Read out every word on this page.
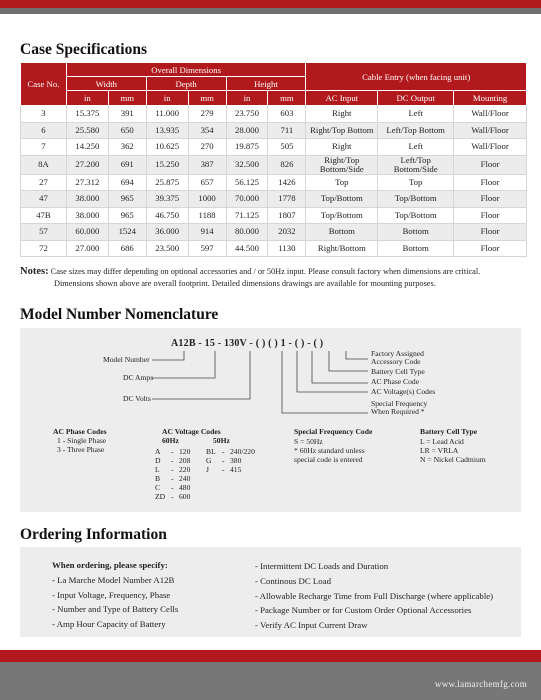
Case Specifications
Case No.	Overall Dimensions						Cable Entry (when facing unit)		
	Width		Depth		Height				
	in	mm	in	mm	in	mm	AC Input	DC Output	Mounting
3	15.375	391	11.000	279	23.750	603	Right	Left	Wall/Floor
6	25.580	650	13.935	354	28.000	711	Right/Top Bottom	Left/Top Bottom	Wall/Floor
7	14.250	362	10.625	270	19.875	505	Right	Left	Wall/Floor
8A	27.200	691	15.250	387	32.500	826	Right/Top Bottom/Side	Left/Top Bottom/Side	Floor
27	27.312	694	25.875	657	56.125	1426	Top	Top	Floor
47	38.000	965	39.375	1000	70.000	1778	Top/Bottom	Top/Bottom	Floor
47B	38.000	965	46.750	1188	71.125	1807	Top/Bottom	Top/Bottom	Floor
57	60.000	1524	36.000	914	80.000	2032	Bottom	Bottom	Floor
72	27.000	686	23.500	597	44.500	1130	Right/Bottom	Bottom	Floor
Notes: Case sizes may differ depending on optional accessories and / or 50Hz input. Please consult factory when dimensions are critical.
Dimensions shown above are overall footprint. Detailed dimensions drawings are available for mounting purposes.
Model Number Nomenclature
A12B - 15 - 130V - ( ) ( ) 1 - ( ) - ( )
Model Number
DC Amps
DC Volts
Factory Assigned Accessory Code
Battery Cell Type
AC Phase Code
AC Voltage(s) Codes
Special Frequency When Required *
AC Phase Codes
1 - Single Phase
3 - Three Phase
AC Voltage Codes
60Hz	50Hz
A - 120
D - 208
L - 220
B - 240
C - 480
ZD - 600
BL - 240/220
G - 380
J - 415
Special Frequency Code
S = 50Hz
* 60Hz standard unless
special code is entered
Battery Cell Type
L = Lead Acid
LR = VRLA
N = Nickel Cadmium
Ordering Information
When ordering, please specify:
- La Marche Model Number A12B
- Input Voltage, Frequency, Phase
- Number and Type of Battery Cells
- Amp Hour Capacity of Battery
- Intermittent DC Loads and Duration
- Continous DC Load
- Allowable Recharge Time from Full Discharge (where applicable)
- Package Number or for Custom Order Optional Accessories
- Verify AC Input Current Draw
www.lamarchemfg.com
